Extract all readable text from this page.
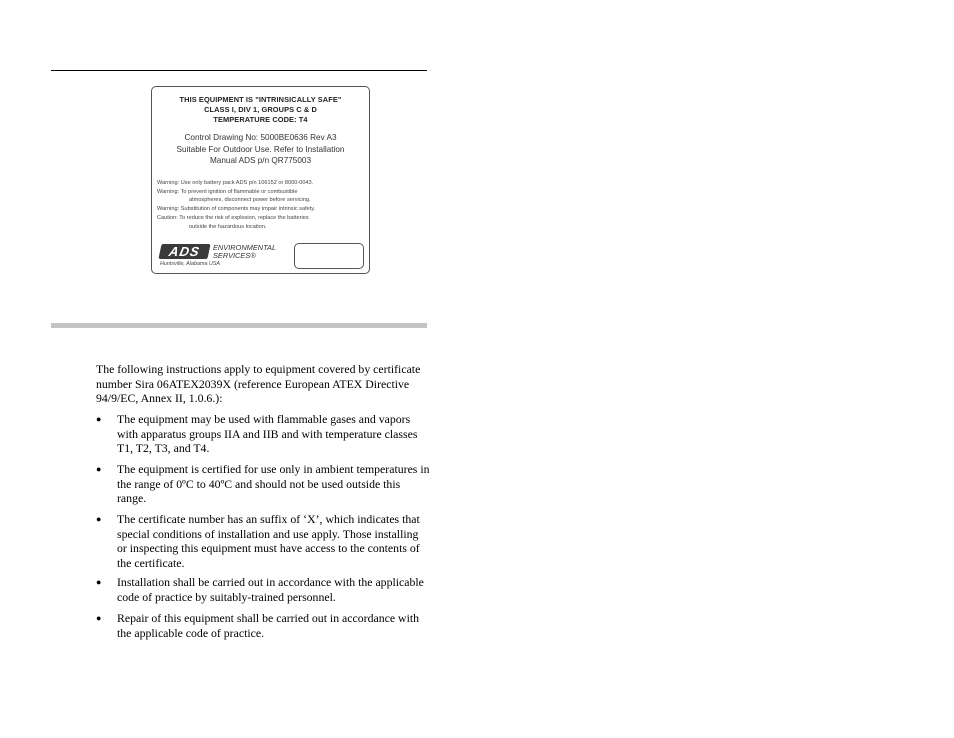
THIS EQUIPMENT IS "INTRINSICALLY SAFE"
CLASS I, DIV 1, GROUPS C & D
TEMPERATURE CODE: T4
Control Drawing No: 5000BE0636 Rev A3
Suitable For Outdoor Use. Refer to Installation
Manual ADS p/n QR775003
Warning: Use only battery pack ADS p/n 106152 or 8000-0043.
Warning: To prevent ignition of flammable or combustible
atmospheres, disconnect power before servicing.
Warning: Substitution of components may impair intrinsic safety.
Caution: To reduce the risk of explosion, replace the batteries
outside the hazardous location.
ADS	ENVIRONMENTAL
SERVICES®
Huntsville, Alabama USA

The following instructions apply to equipment covered by certificate number Sira 06ATEX2039X (reference European ATEX Directive 94/9/EC, Annex II, 1.0.6.):

●	The equipment may be used with flammable gases and vapors with apparatus groups IIA and IIB and with temperature classes T1, T2, T3, and T4.
●	The equipment is certified for use only in ambient temperatures in the range of 0ºC to 40ºC and should not be used outside this range.
●	The certificate number has an suffix of ‘X’, which indicates that special conditions of installation and use apply. Those installing or inspecting this equipment must have access to the contents of the certificate.
●	Installation shall be carried out in accordance with the applicable code of practice by suitably-trained personnel.
●	Repair of this equipment shall be carried out in accordance with the applicable code of practice.
